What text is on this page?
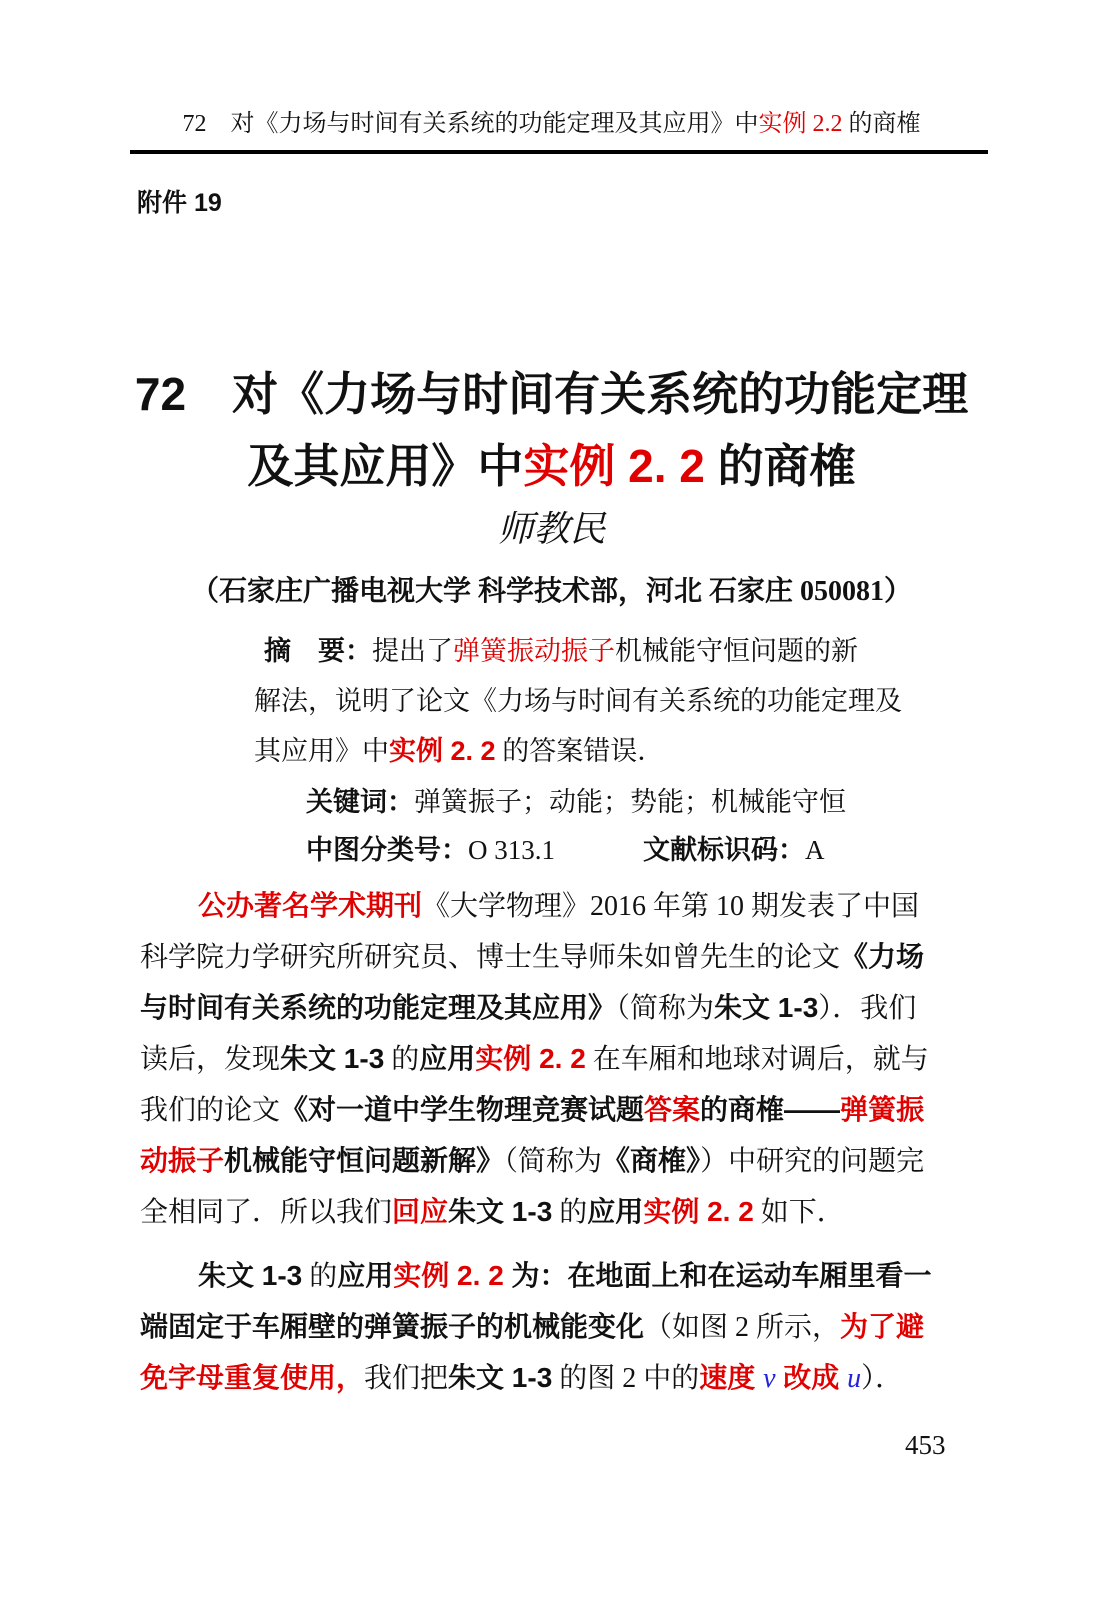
72　对《力场与时间有关系统的功能定理及其应用》中实例 2.2 的商榷
附件 19
72　对《力场与时间有关系统的功能定理
及其应用》中实例 2. 2 的商榷
师教民
（石家庄广播电视大学 科学技术部，河北 石家庄 050081）
摘　要：提出了弹簧振动振子机械能守恒问题的新
解法，说明了论文《力场与时间有关系统的功能定理及
其应用》中实例 2. 2 的答案错误．
关键词：弹簧振子；动能；势能；机械能守恒
中图分类号：O 313.1	文献标识码：A
公办著名学术期刊《大学物理》2016 年第 10 期发表了中国
科学院力学研究所研究员、博士生导师朱如曾先生的论文《力场
与时间有关系统的功能定理及其应用》（简称为朱文 1-3）．我们
读后，发现朱文 1-3 的应用实例 2. 2 在车厢和地球对调后，就与
我们的论文《对一道中学生物理竞赛试题答案的商榷——弹簧振
动振子机械能守恒问题新解》（简称为《商榷》）中研究的问题完
全相同了．所以我们回应朱文 1-3 的应用实例 2. 2 如下．
朱文 1-3 的应用实例 2. 2 为：在地面上和在运动车厢里看一
端固定于车厢壁的弹簧振子的机械能变化（如图 2 所示，为了避
免字母重复使用，我们把朱文 1-3 的图 2 中的速度 v 改成 u）．
453
